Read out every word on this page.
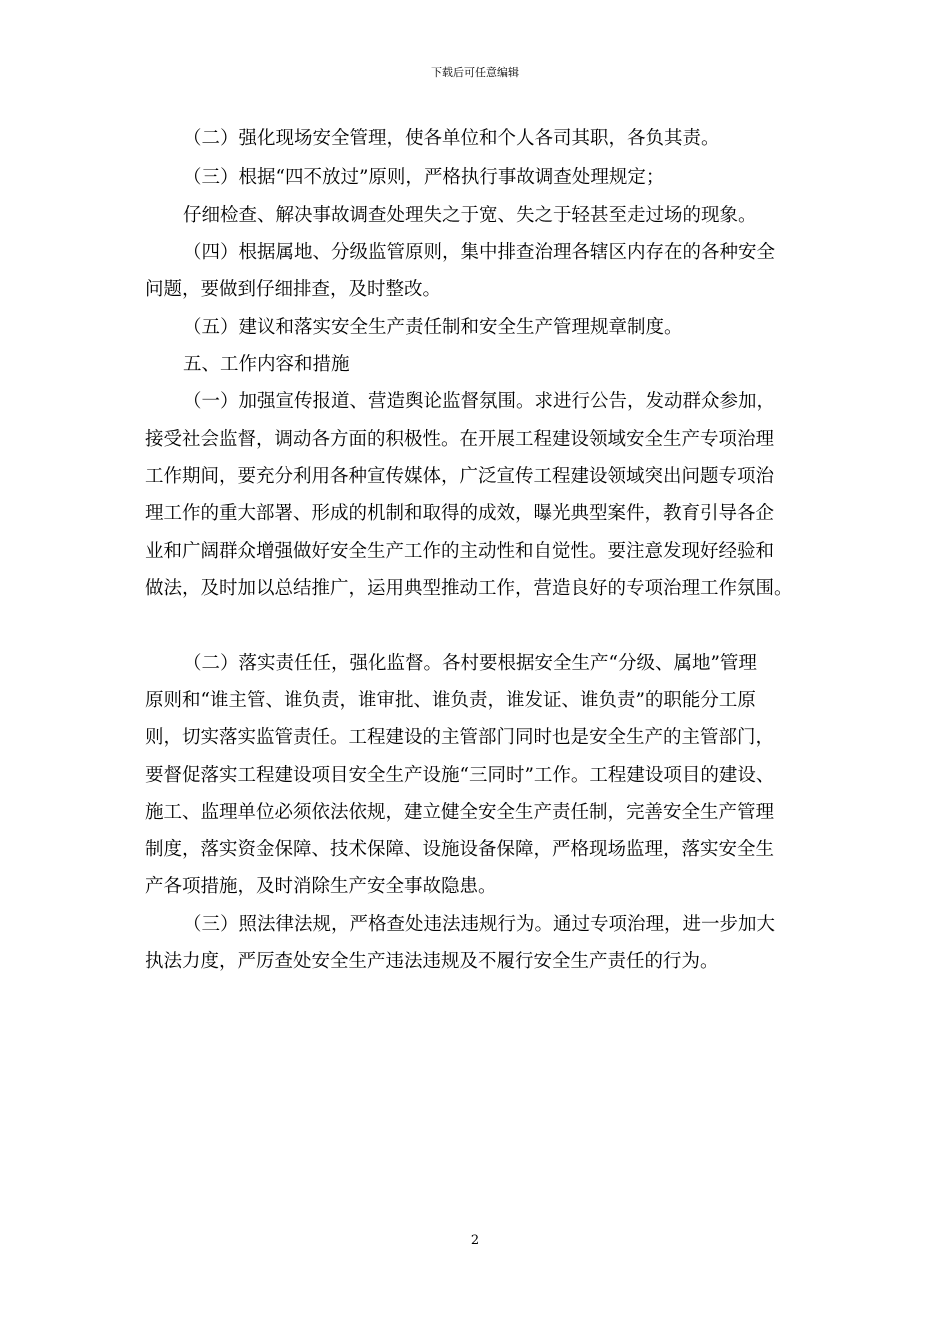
下载后可任意编辑
（二）强化现场安全管理，使各单位和个人各司其职，各负其责。
（三）根据“四不放过”原则，严格执行事故调查处理规定；
仔细检查、解决事故调查处理失之于宽、失之于轻甚至走过场的现象。
（四）根据属地、分级监管原则，集中排查治理各辖区内存在的各种安全
问题，要做到仔细排查，及时整改。
（五）建议和落实安全生产责任制和安全生产管理规章制度。
五、工作内容和措施
（一）加强宣传报道、营造舆论监督氛围。求进行公告，发动群众参加，
接受社会监督，调动各方面的积极性。在开展工程建设领域安全生产专项治理
工作期间，要充分利用各种宣传媒体，广泛宣传工程建设领域突出问题专项治
理工作的重大部署、形成的机制和取得的成效，曝光典型案件，教育引导各企
业和广阔群众增强做好安全生产工作的主动性和自觉性。要注意发现好经验和
做法，及时加以总结推广，运用典型推动工作，营造良好的专项治理工作氛围。
（二）落实责任任，强化监督。各村要根据安全生产“分级、属地”管理
原则和“谁主管、谁负责，谁审批、谁负责，谁发证、谁负责”的职能分工原
则，切实落实监管责任。工程建设的主管部门同时也是安全生产的主管部门，
要督促落实工程建设项目安全生产设施“三同时”工作。工程建设项目的建设、
施工、监理单位必须依法依规，建立健全安全生产责任制，完善安全生产管理
制度，落实资金保障、技术保障、设施设备保障，严格现场监理，落实安全生
产各项措施，及时消除生产安全事故隐患。
（三）照法律法规，严格查处违法违规行为。通过专项治理，进一步加大
执法力度，严厉查处安全生产违法违规及不履行安全生产责任的行为。
2
